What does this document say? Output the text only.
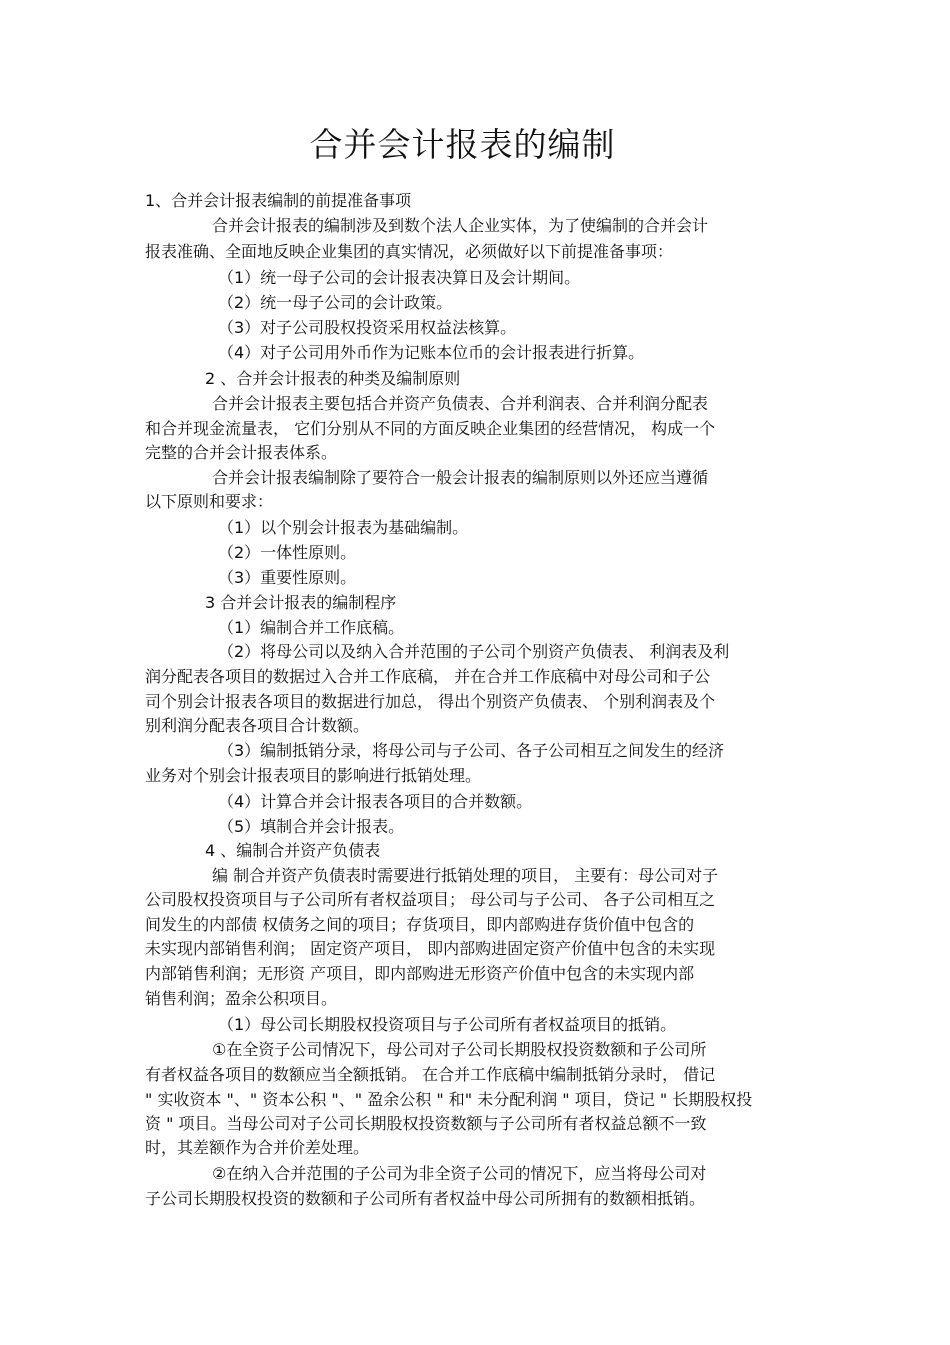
合并会计报表的编制
1、合并会计报表编制的前提准备事项
合并会计报表的编制涉及到数个法人企业实体，为了使编制的合并会计
报表准确、全面地反映企业集团的真实情况，必须做好以下前提准备事项：
（1）统一母子公司的会计报表决算日及会计期间。
（2）统一母子公司的会计政策。
（3）对子公司股权投资采用权益法核算。
（4）对子公司用外币作为记账本位币的会计报表进行折算。
2 、合并会计报表的种类及编制原则
合并会计报表主要包括合并资产负债表、合并利润表、合并利润分配表
和合并现金流量表， 它们分别从不同的方面反映企业集团的经营情况， 构成一个
完整的合并会计报表体系。
合并会计报表编制除了要符合一般会计报表的编制原则以外还应当遵循
以下原则和要求：
（1）以个别会计报表为基础编制。
（2）一体性原则。
（3）重要性原则。
3 合并会计报表的编制程序
（1）编制合并工作底稿。
（2）将母公司以及纳入合并范围的子公司个别资产负债表、 利润表及利
润分配表各项目的数据过入合并工作底稿， 并在合并工作底稿中对母公司和子公
司个别会计报表各项目的数据进行加总， 得出个别资产负债表、 个别利润表及个
别利润分配表各项目合计数额。
（3）编制抵销分录，将母公司与子公司、各子公司相互之间发生的经济
业务对个别会计报表项目的影响进行抵销处理。
（4）计算合并会计报表各项目的合并数额。
（5）填制合并会计报表。
4 、编制合并资产负债表
编 制合并资产负债表时需要进行抵销处理的项目， 主要有：母公司对子
公司股权投资项目与子公司所有者权益项目； 母公司与子公司、 各子公司相互之
间发生的内部债 权债务之间的项目；存货项目，即内部购进存货价值中包含的
未实现内部销售利润； 固定资产项目， 即内部购进固定资产价值中包含的未实现
内部销售利润；无形资 产项目，即内部购进无形资产价值中包含的未实现内部
销售利润；盈余公积项目。
（1）母公司长期股权投资项目与子公司所有者权益项目的抵销。
①在全资子公司情况下，母公司对子公司长期股权投资数额和子公司所
有者权益各项目的数额应当全额抵销。 在合并工作底稿中编制抵销分录时， 借记
" 实收资本 "、" 资本公积 "、" 盈余公积 " 和" 未分配利润 " 项目，贷记 " 长期股权投
资 " 项目。当母公司对子公司长期股权投资数额与子公司所有者权益总额不一致
时，其差额作为合并价差处理。
②在纳入合并范围的子公司为非全资子公司的情况下，应当将母公司对
子公司长期股权投资的数额和子公司所有者权益中母公司所拥有的数额相抵销。
